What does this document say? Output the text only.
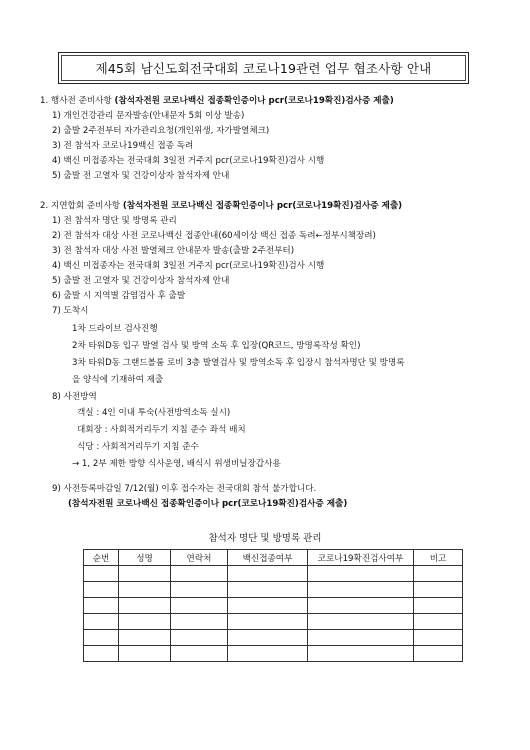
제45회 남신도회전국대회 코로나19관련 업무 협조사항 안내
1. 행사전 준비사항 (참석자전원 코로나백신 접종확인증이나 pcr(코로나19확진)검사증 제출)
1) 개인건강관리 문자발송(안내문자 5회 이상 발송)
2) 출발 2주전부터 자가관리요청(개인위생, 자가발열체크)
3) 전 참석자 코로나19백신 접종 독려
4) 백신 미접종자는 전국대회 3일전 거주지 pcr(코로나19확진)검사 시행
5) 출발 전 고열자 및 건강이상자 참석자제 안내
2. 지연합회 준비사항 (참석자전원 코로나백신 접종확인증이나 pcr(코로나19확진)검사증 제출)
1) 전 참석자 명단 및 방명록 관리
2) 전 참석자 대상 사전 코로나백신 접종안내(60세이상 백신 접종 독려←정부시책장려)
3) 전 참석자 대상 사전 발열체크 안내문자 발송(출발 2주전부터)
4) 백신 미접종자는 전국대회 3일전 거주지 pcr(코로나19확진)검사 시행
5) 출발 전 고열자 및 건강이상자 참석자제 안내
6) 출발 시 지역별 감염검사 후 출발
7) 도착시
1차 드라이브 검사진행
2차 타워D동 입구 발열 검사 및 방역 소독 후 입장(QR코드, 방명록작성 확인)
3차 타워D동 그랜드볼룸 로비 3층 발열검사 및 방역소독 후 입장시 참석자명단 및 방명록
을 양식에 기재하여 제출
8) 사전방역
객실 : 4인 이내 투숙(사전방역소독 실시)
대회장 : 사회적거리두기 지침 준수 좌석 배치
식당 : 사회적거리두기 지침 준수
→ 1, 2부 제한 방향 식사운영, 배식시 위생비닐장갑사용
9) 사전등록마감일 7/12(월) 이후 접수자는 전국대회 참석 불가합니다.
(참석자전원 코로나백신 접종확인증이나 pcr(코로나19확진)검사증 제출)
참석자 명단 및 방명록 관리
순번	성명	연락처	백신접종여부	코로나19확진검사여부	비고
